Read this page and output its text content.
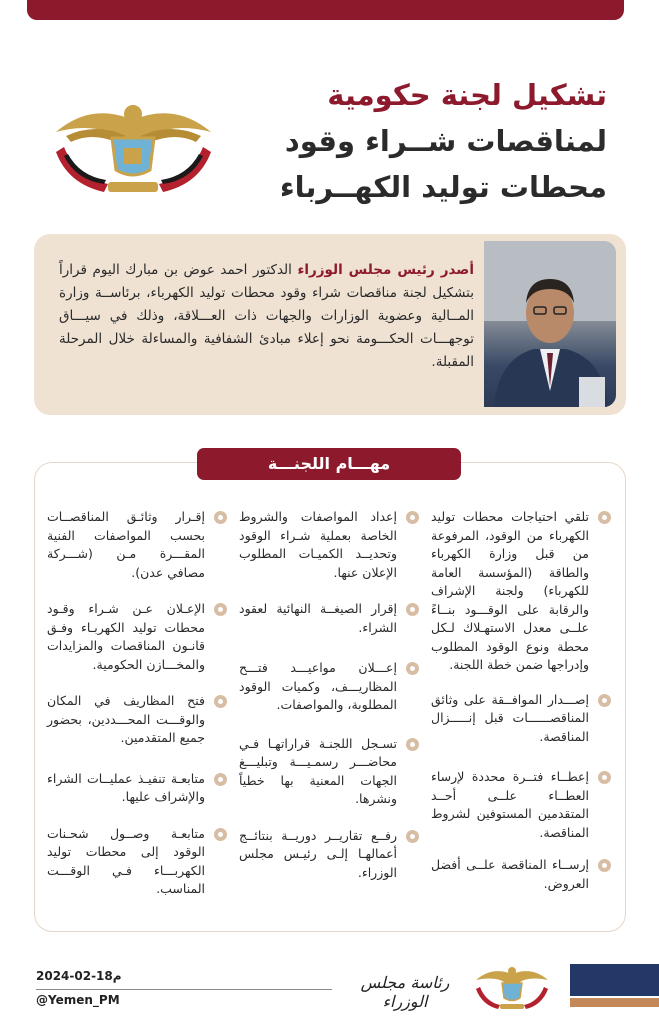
تشكيل لجنة حكومية
لمناقصات شــراء وقود
محطات توليد الكهــرباء
أصدر رئيس مجلس الوزراء الدكتور احمد عوض بن مبارك اليوم قراراً بتشكيل لجنة مناقصات شراء وقود محطات توليد الكهرباء، برئاســة وزارة المــالية وعضوية الوزارات والجهات ذات العـــلاقة، وذلك في سيـــاق توجهـــات الحكـــومة نحو إعلاء مبادئ الشفافية والمساءلة خلال المرحلة المقبلة.
مهـــام اللجنـــة
تلقي احتياجات محطات توليد الكهرباء من الوقود، المرفوعة من قبل وزارة الكهرباء والطاقة (المؤسسة العامة للكهرباء) ولجنة الإشراف والرقابة على الوقـــود بنــاءً علــى معدل الاستهـلاك لـكل محطة ونوع الوقود المطلوب وإدراجها ضمن خطة اللجنة.
إصـــدار الموافــقة على وثائق المناقصــــــات قبل إنـــــزال المناقصة.
إعطــاء فتــرة محددة لإرساء العطــاء علــى أحــد المتقدمين المستوفين لشروط المناقصة.
إرســاء المناقصة علــى أفضل العروض.
إعداد المواصفات والشروط الخاصة بعملية شـراء الوقود وتحديــد الكميـات المطلوب الإعلان عنها.
إقرار الصيغــة النهائية لعقود الشراء.
إعـــلان مواعيـــد فتـــح المظاريـــف، وكميات الوقود المطلوبة، والمواصفات.
تسـجل اللجنـة قراراتهـا فـي محاضـــر رسمـيـــة وتبليـــغ الجهات المعنية بها خطياً ونشرها.
رفــع تقاريــر دوريــة بنتائــج أعمالهـا إلـى رئيـس مجلس الوزراء.
إقـرار وثائـق المناقصــات بحسب المواصفات الفنية المقـــرة مـن (شـــركة مصافي عدن).
الإعـلان عـن شـراء وقـود محطات توليد الكهربـاء وفـق قانـون المناقصات والمزايدات والمخـــازن الحكومية.
فتح المظاريف في المكان والوقـــت المحـــددين، بحضور جميع المتقدمين.
متابعـة تنفيـذ عمليــات الشراء والإشراف عليها.
متابعـة وصــول شحـنات الوقود إلى محطات توليد الكهربـــاء فـي الوقـــت المناسب.
2024-02-18م
@Yemen_PM
رئاسة مجلس الوزراء
